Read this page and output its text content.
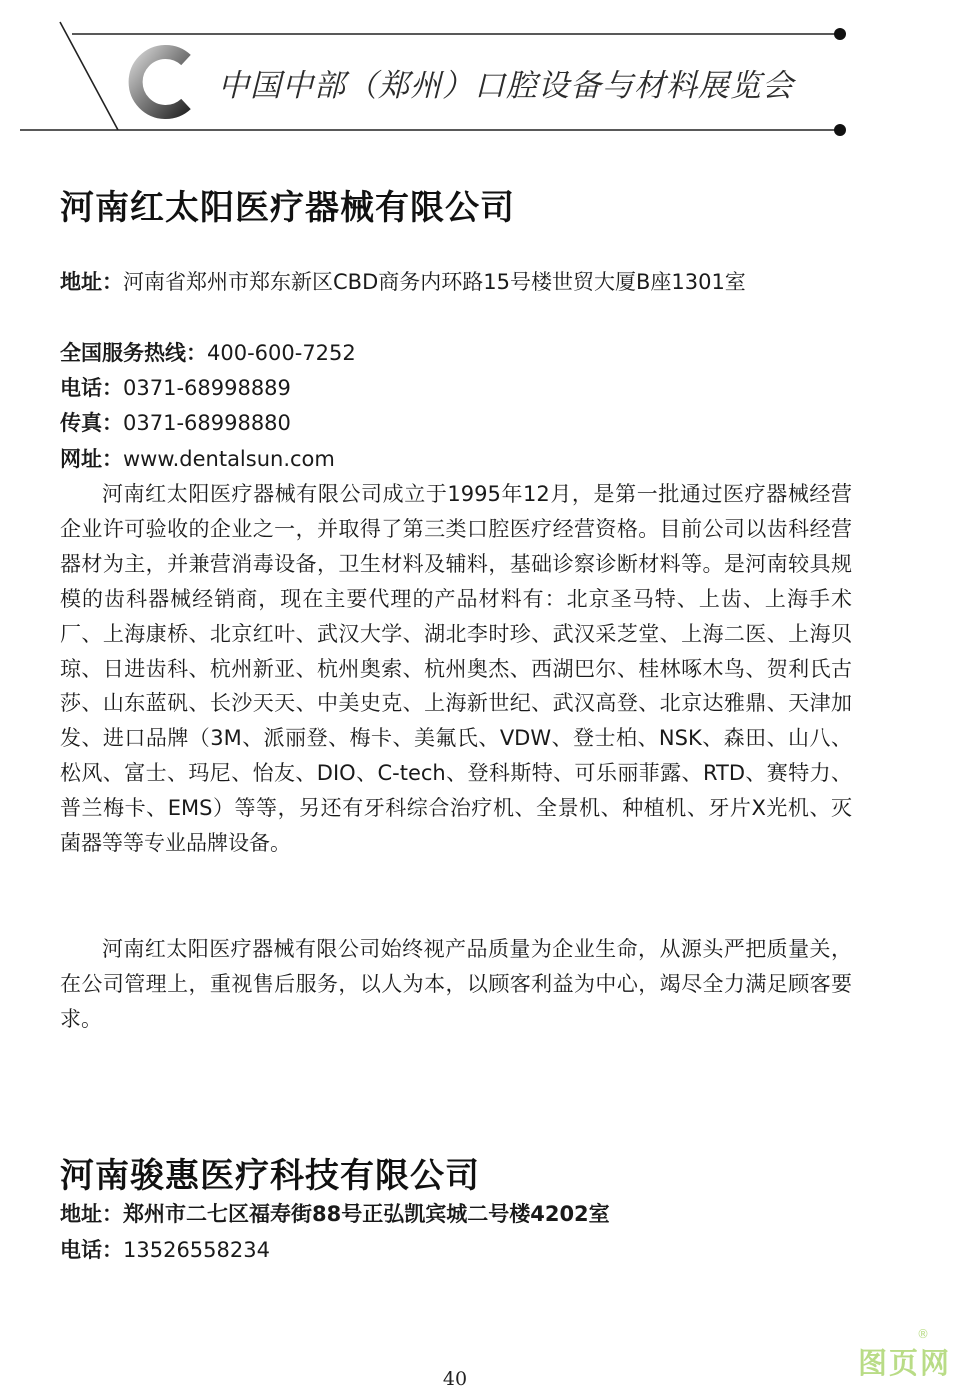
中国中部（郑州）口腔设备与材料展览会
河南红太阳医疗器械有限公司
地址：河南省郑州市郑东新区CBD商务内环路15号楼世贸大厦B座1301室
全国服务热线：400-600-7252
电话：0371-68998889
传真：0371-68998880
网址：www.dentalsun.com

河南红太阳医疗器械有限公司成立于1995年12月，是第一批通过医疗器械经营企业许可验收的企业之一，并取得了第三类口腔医疗经营资格。目前公司以齿科经营器材为主，并兼营消毒设备，卫生材料及辅料，基础诊察诊断材料等。是河南较具规模的齿科器械经销商，现在主要代理的产品材料有：北京圣马特、上齿、上海手术厂、上海康桥、北京红叶、武汉大学、湖北李时珍、武汉采芝堂、上海二医、上海贝琼、日进齿科、杭州新亚、杭州奥索、杭州奥杰、西湖巴尔、桂林啄木鸟、贺利氏古莎、山东蓝矾、长沙天天、中美史克、上海新世纪、武汉高登、北京达雅鼎、天津加发、进口品牌（3M、派丽登、梅卡、美氟氏、VDW、登士柏、NSK、森田、山八、松风、富士、玛尼、怡友、DIO、C-tech、登科斯特、可乐丽菲露、RTD、赛特力、普兰梅卡、EMS）等等，另还有牙科综合治疗机、全景机、种植机、牙片X光机、灭菌器等等专业品牌设备。

河南红太阳医疗器械有限公司始终视产品质量为企业生命，从源头严把质量关，在公司管理上，重视售后服务，以人为本，以顾客利益为中心，竭尽全力满足顾客要求。

河南骏惠医疗科技有限公司
地址：郑州市二七区福寿街88号正弘凯宾城二号楼4202室
电话：13526558234
40	图页网
®
